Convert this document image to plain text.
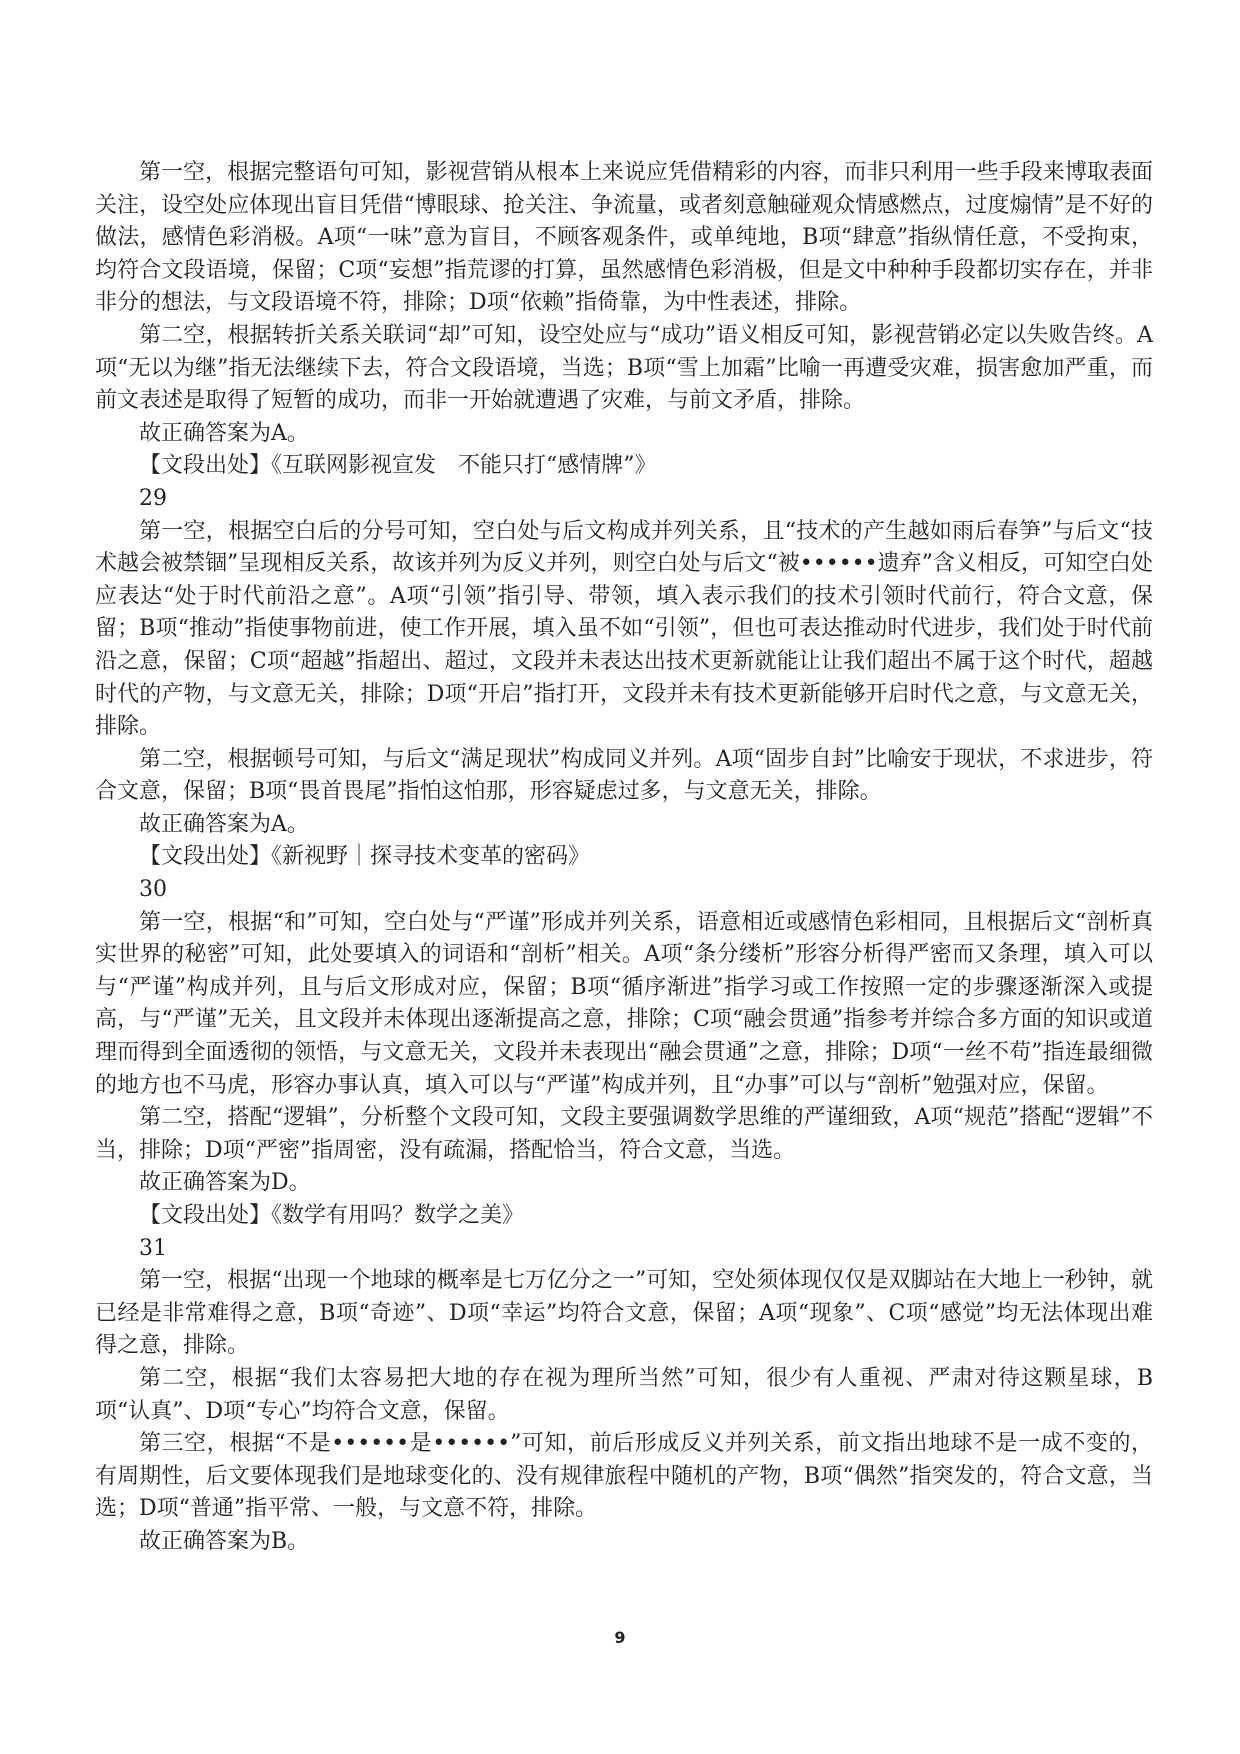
第一空，根据完整语句可知，影视营销从根本上来说应凭借精彩的内容，而非只利用一些手段来博取表面关注，设空处应体现出盲目凭借“博眼球、抢关注、争流量，或者刻意触碰观众情感燃点，过度煽情”是不好的做法，感情色彩消极。A项“一味”意为盲目，不顾客观条件，或单纯地，B项“肆意”指纵情任意，不受拘束，均符合文段语境，保留；C项“妄想”指荒谬的打算，虽然感情色彩消极，但是文中种种手段都切实存在，并非非分的想法，与文段语境不符，排除；D项“依赖”指倚靠，为中性表述，排除。

第二空，根据转折关系关联词“却”可知，设空处应与“成功”语义相反可知，影视营销必定以失败告终。A项“无以为继”指无法继续下去，符合文段语境，当选；B项“雪上加霜”比喻一再遭受灾难，损害愈加严重，而前文表述是取得了短暂的成功，而非一开始就遭遇了灾难，与前文矛盾，排除。

故正确答案为A。

【文段出处】《互联网影视宣发　不能只打“感情牌”》

29

第一空，根据空白后的分号可知，空白处与后文构成并列关系，且“技术的产生越如雨后春笋”与后文“技术越会被禁锢”呈现相反关系，故该并列为反义并列，则空白处与后文“被••••••遗弃”含义相反，可知空白处应表达“处于时代前沿之意”。A项“引领”指引导、带领，填入表示我们的技术引领时代前行，符合文意，保留；B项“推动”指使事物前进，使工作开展，填入虽不如“引领”，但也可表达推动时代进步，我们处于时代前沿之意，保留；C项“超越”指超出、超过，文段并未表达出技术更新就能让让我们超出不属于这个时代，超越时代的产物，与文意无关，排除；D项“开启”指打开，文段并未有技术更新能够开启时代之意，与文意无关，排除。

第二空，根据顿号可知，与后文“满足现状”构成同义并列。A项“固步自封”比喻安于现状，不求进步，符合文意，保留；B项“畏首畏尾”指怕这怕那，形容疑虑过多，与文意无关，排除。

故正确答案为A。

【文段出处】《新视野｜探寻技术变革的密码》

30

第一空，根据“和”可知，空白处与“严谨”形成并列关系，语意相近或感情色彩相同，且根据后文“剖析真实世界的秘密”可知，此处要填入的词语和“剖析”相关。A项“条分缕析”形容分析得严密而又条理，填入可以与“严谨”构成并列，且与后文形成对应，保留；B项“循序渐进”指学习或工作按照一定的步骤逐渐深入或提高，与“严谨”无关，且文段并未体现出逐渐提高之意，排除；C项“融会贯通”指参考并综合多方面的知识或道理而得到全面透彻的领悟，与文意无关，文段并未表现出“融会贯通”之意，排除；D项“一丝不苟”指连最细微的地方也不马虎，形容办事认真，填入可以与“严谨”构成并列，且“办事”可以与“剖析”勉强对应，保留。

第二空，搭配“逻辑”，分析整个文段可知，文段主要强调数学思维的严谨细致，A项“规范”搭配“逻辑”不当，排除；D项“严密”指周密，没有疏漏，搭配恰当，符合文意，当选。

故正确答案为D。

【文段出处】《数学有用吗？数学之美》

31

第一空，根据“出现一个地球的概率是七万亿分之一”可知，空处须体现仅仅是双脚站在大地上一秒钟，就已经是非常难得之意，B项“奇迹”、D项“幸运”均符合文意，保留；A项“现象”、C项“感觉”均无法体现出难得之意，排除。

第二空，根据“我们太容易把大地的存在视为理所当然”可知，很少有人重视、严肃对待这颗星球，B项“认真”、D项“专心”均符合文意，保留。

第三空，根据“不是••••••是••••••”可知，前后形成反义并列关系，前文指出地球不是一成不变的，有周期性，后文要体现我们是地球变化的、没有规律旅程中随机的产物，B项“偶然”指突发的，符合文意，当选；D项“普通”指平常、一般，与文意不符，排除。

故正确答案为B。

9
